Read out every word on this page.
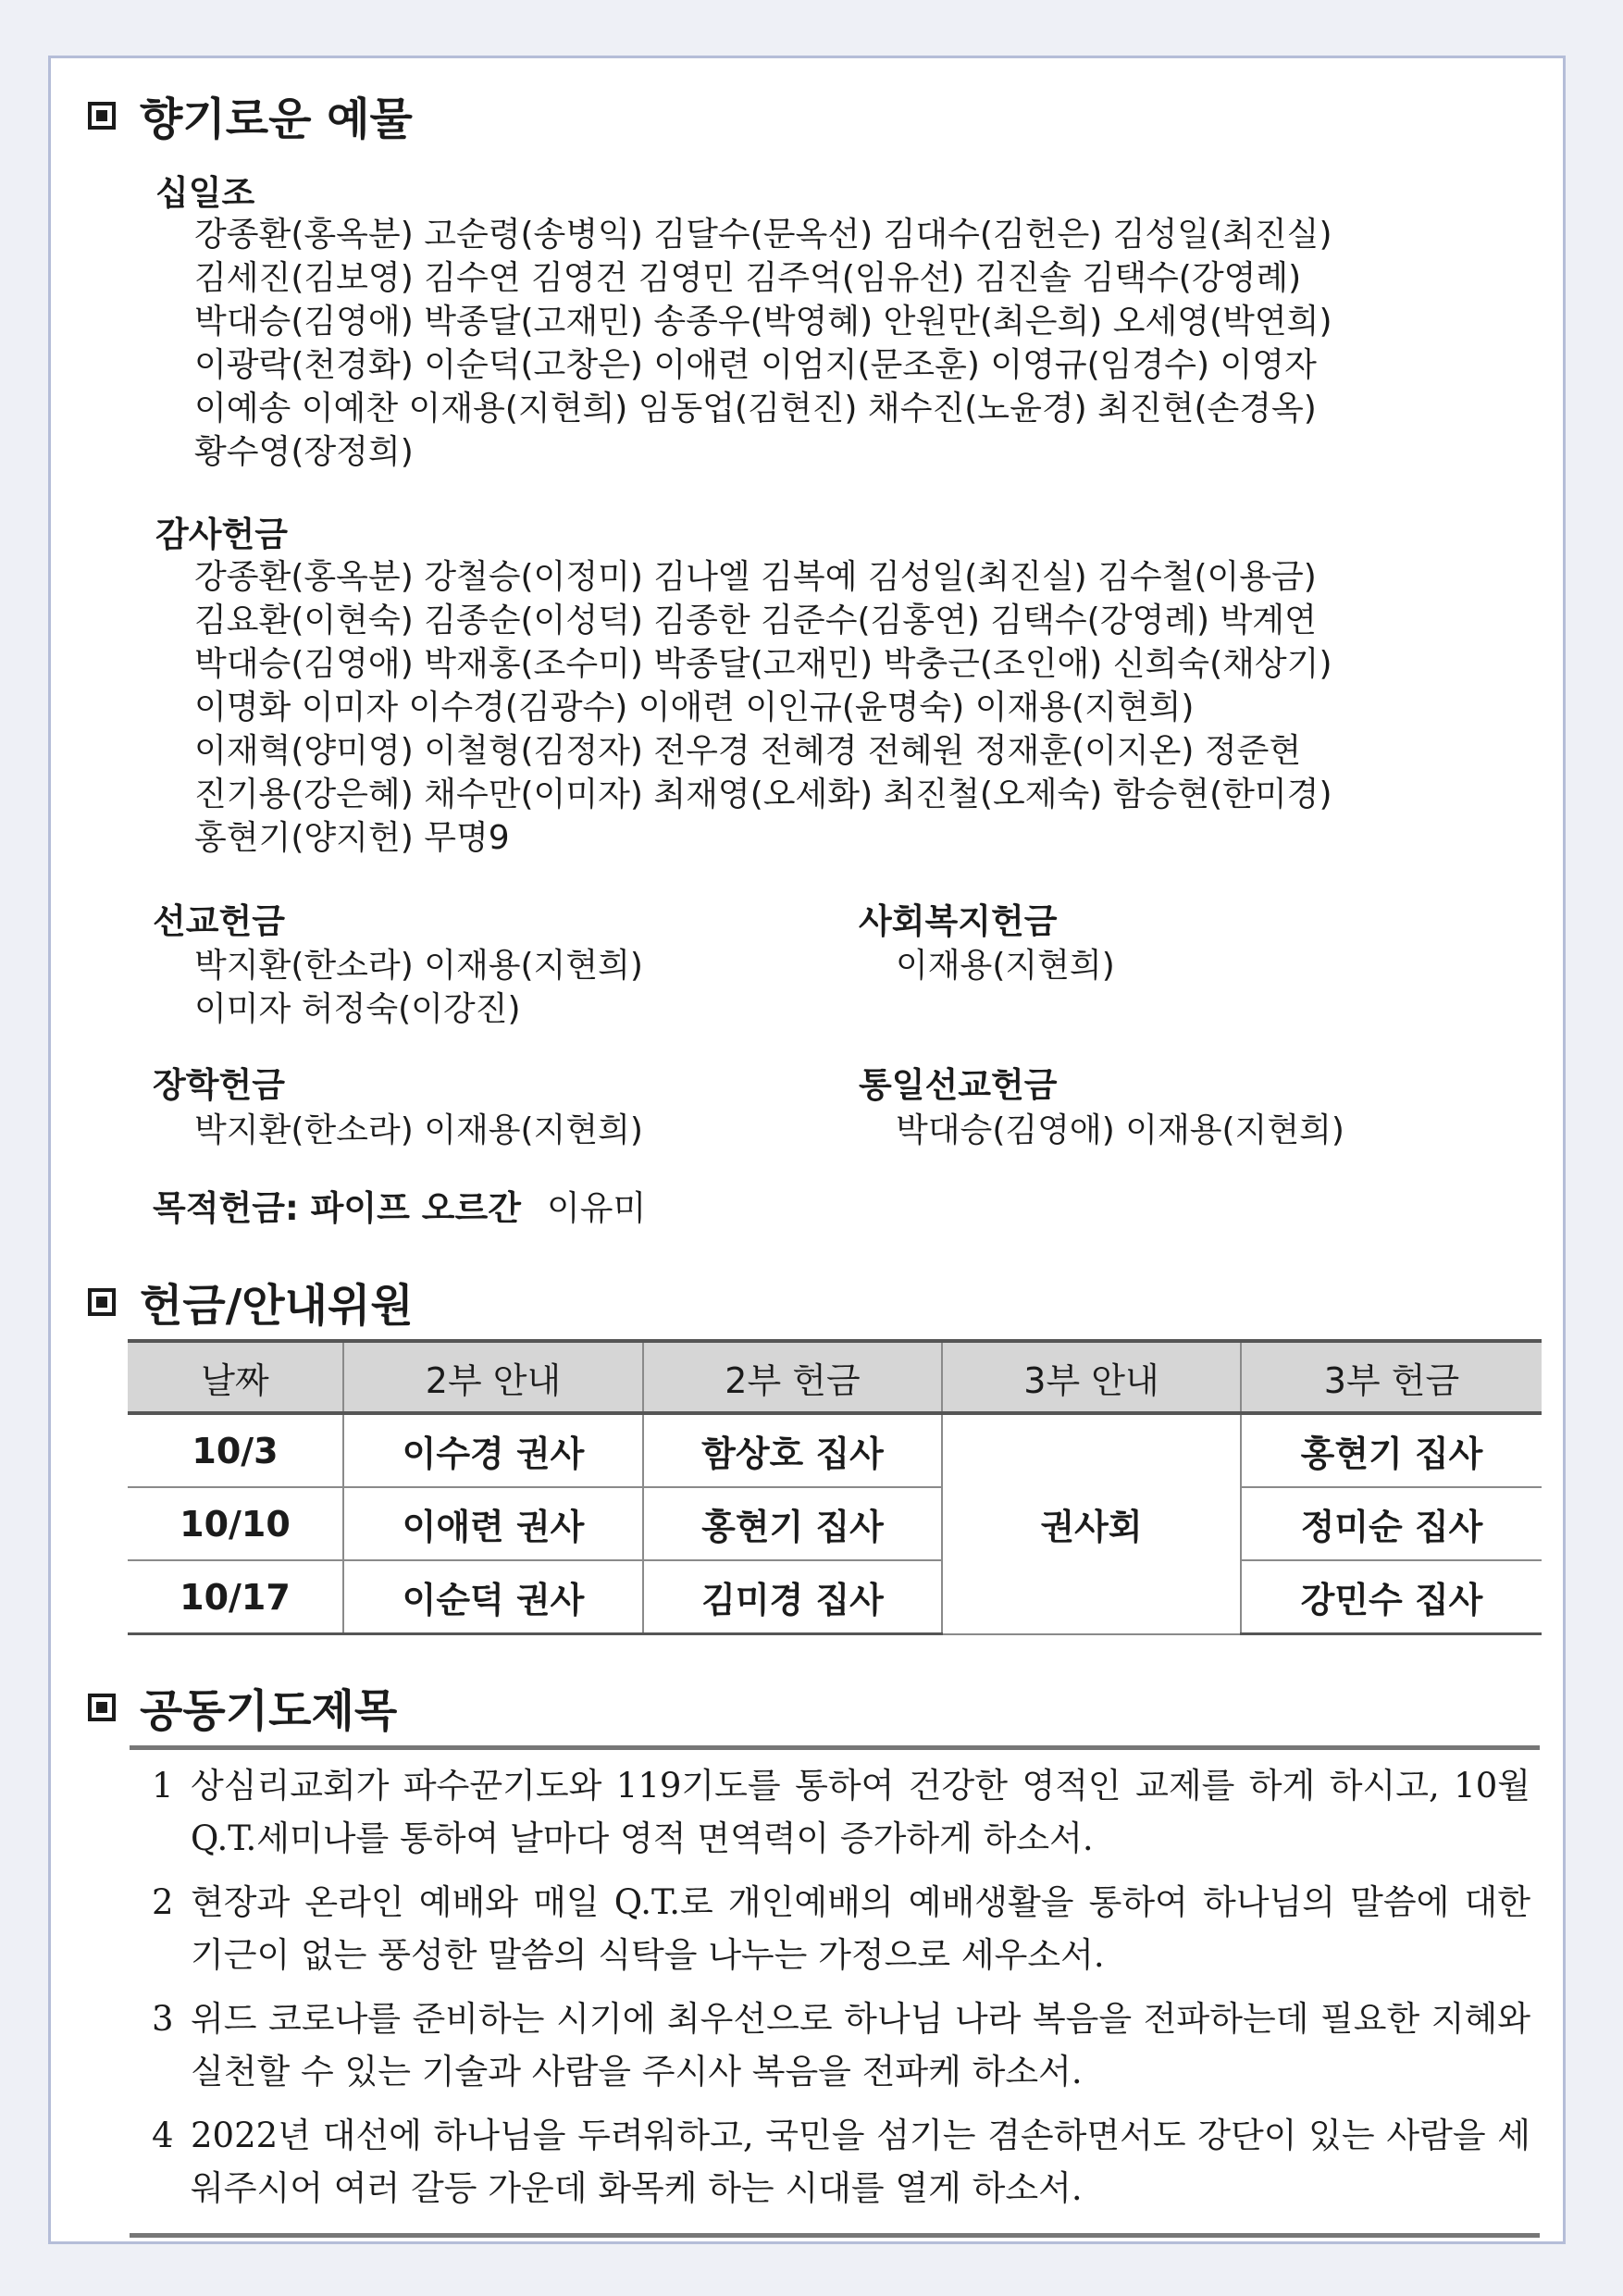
향기로운 예물
십일조
강종환(홍옥분) 고순령(송병익) 김달수(문옥선) 김대수(김헌은) 김성일(최진실)
김세진(김보영) 김수연 김영건 김영민 김주억(임유선) 김진솔 김택수(강영례)
박대승(김영애) 박종달(고재민) 송종우(박영혜) 안원만(최은희) 오세영(박연희)
이광락(천경화) 이순덕(고창은) 이애련 이엄지(문조훈) 이영규(임경수) 이영자
이예송 이예찬 이재용(지현희) 임동업(김현진) 채수진(노윤경) 최진현(손경옥)
황수영(장정희)
감사헌금
강종환(홍옥분) 강철승(이정미) 김나엘 김복예 김성일(최진실) 김수철(이용금)
김요환(이현숙) 김종순(이성덕) 김종한 김준수(김홍연) 김택수(강영례) 박계연
박대승(김영애) 박재홍(조수미) 박종달(고재민) 박충근(조인애) 신희숙(채상기)
이명화 이미자 이수경(김광수) 이애련 이인규(윤명숙) 이재용(지현희)
이재혁(양미영) 이철형(김정자) 전우경 전혜경 전혜원 정재훈(이지온) 정준현
진기용(강은혜) 채수만(이미자) 최재영(오세화) 최진철(오제숙) 함승현(한미경)
홍현기(양지헌) 무명9
선교헌금
박지환(한소라) 이재용(지현희)
이미자 허정숙(이강진)
사회복지헌금
이재용(지현희)
장학헌금
박지환(한소라) 이재용(지현희)
통일선교헌금
박대승(김영애) 이재용(지현희)
목적헌금: 파이프 오르간 이유미
헌금/안내위원
날짜	2부 안내	2부 헌금	3부 안내	3부 헌금
10/3	이수경 권사	함상호 집사	권사회	홍현기 집사
10/10	이애련 권사	홍현기 집사		정미순 집사
10/17	이순덕 권사	김미경 집사		강민수 집사
공동기도제목
1 상심리교회가 파수꾼기도와 119기도를 통하여 건강한 영적인 교제를 하게 하시고, 10월 Q.T.세미나를 통하여 날마다 영적 면역력이 증가하게 하소서.
2 현장과 온라인 예배와 매일 Q.T.로 개인예배의 예배생활을 통하여 하나님의 말씀에 대한 기근이 없는 풍성한 말씀의 식탁을 나누는 가정으로 세우소서.
3 위드 코로나를 준비하는 시기에 최우선으로 하나님 나라 복음을 전파하는데 필요한 지혜와 실천할 수 있는 기술과 사람을 주시사 복음을 전파케 하소서.
4 2022년 대선에 하나님을 두려워하고, 국민을 섬기는 겸손하면서도 강단이 있는 사람을 세워주시어 여러 갈등 가운데 화목케 하는 시대를 열게 하소서.
